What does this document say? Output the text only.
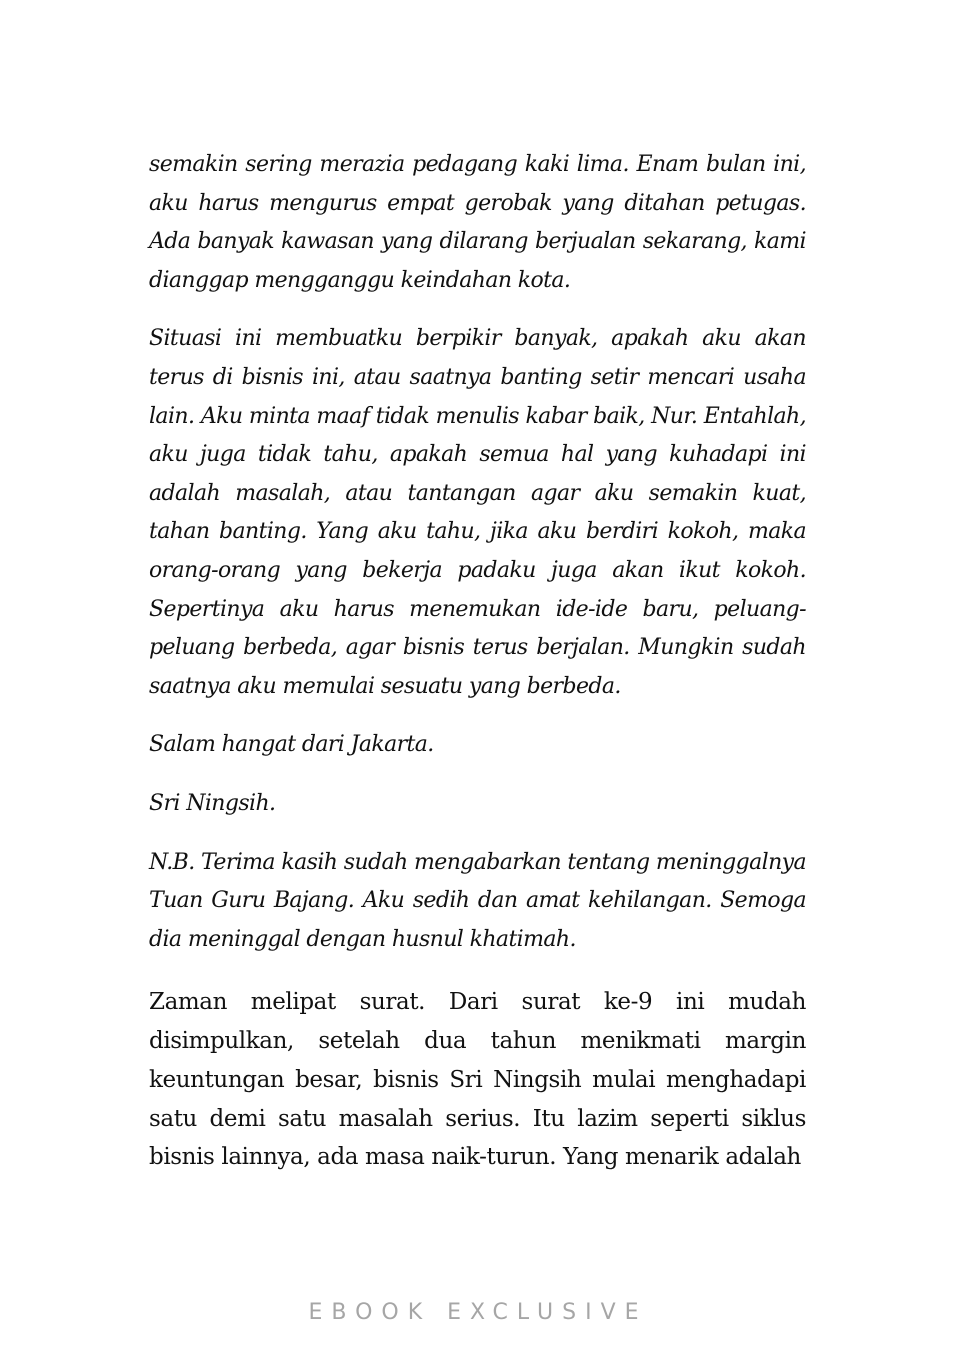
semakin sering merazia pedagang kaki lima. Enam bulan ini, aku harus mengurus empat gerobak yang ditahan petugas. Ada banyak kawasan yang dilarang berjualan sekarang, kami dianggap mengganggu keindahan kota.

Situasi ini membuatku berpikir banyak, apakah aku akan terus di bisnis ini, atau saatnya banting setir mencari usaha lain. Aku minta maaf tidak menulis kabar baik, Nur. Entahlah, aku juga tidak tahu, apakah semua hal yang kuhadapi ini adalah masalah, atau tantangan agar aku semakin kuat, tahan banting. Yang aku tahu, jika aku berdiri kokoh, maka orang-orang yang bekerja padaku juga akan ikut kokoh. Sepertinya aku harus menemukan ide-ide baru, peluang-peluang berbeda, agar bisnis terus berjalan. Mungkin sudah saatnya aku memulai sesuatu yang berbeda.

Salam hangat dari Jakarta.

Sri Ningsih.

N.B. Terima kasih sudah mengabarkan tentang meninggalnya Tuan Guru Bajang. Aku sedih dan amat kehilangan. Semoga dia meninggal dengan husnul khatimah.

Zaman melipat surat. Dari surat ke-9 ini mudah disimpulkan, setelah dua tahun menikmati margin keuntungan besar, bisnis Sri Ningsih mulai menghadapi satu demi satu masalah serius. Itu lazim seperti siklus bisnis lainnya, ada masa naik-turun. Yang menarik adalah

EBOOK EXCLUSIVE
